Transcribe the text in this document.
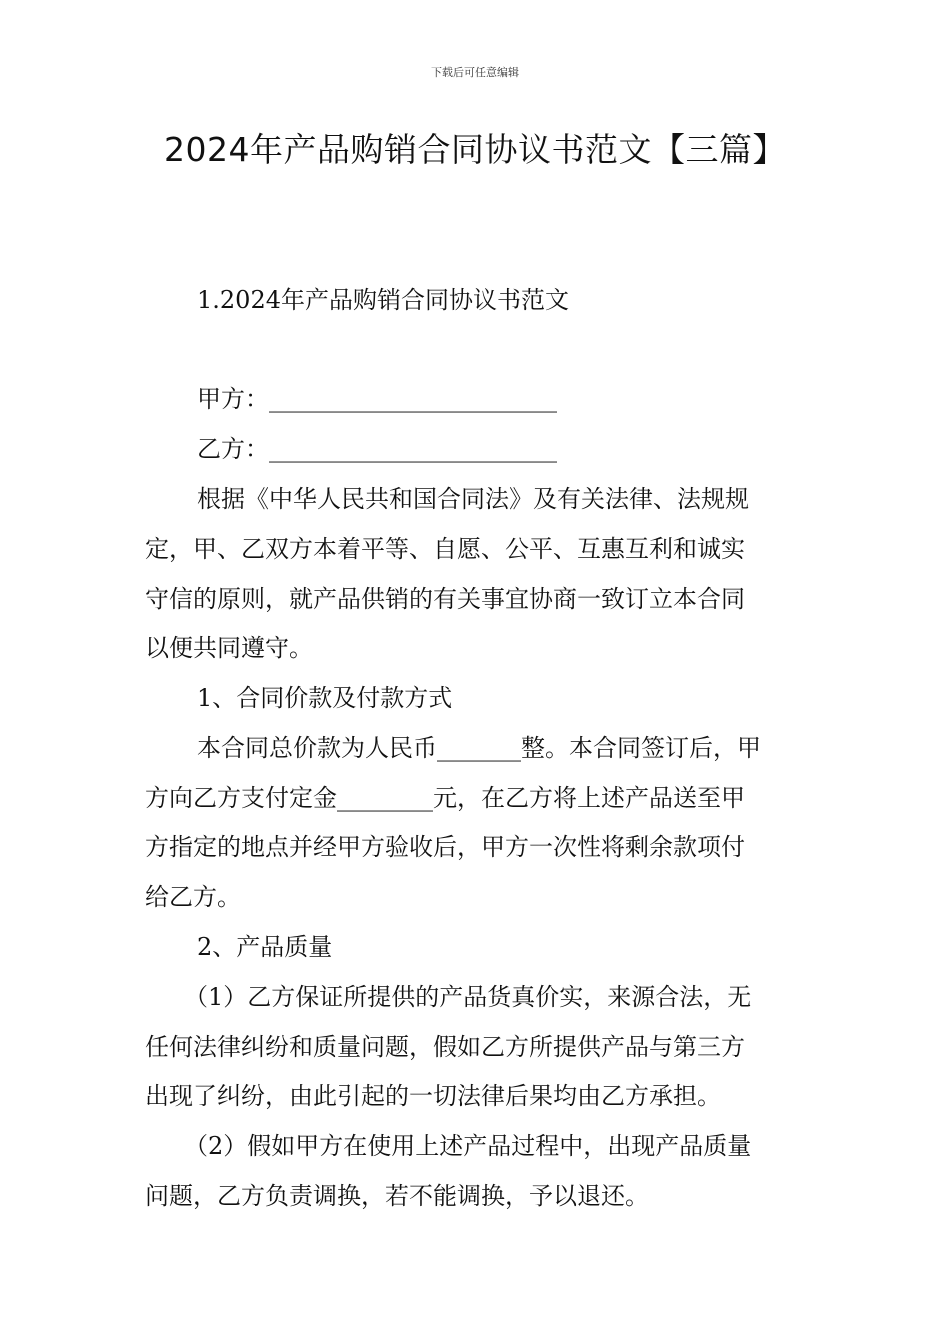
下载后可任意编辑
2024年产品购销合同协议书范文【三篇】

1.2024年产品购销合同协议书范文

甲方：________________________

乙方：________________________

根据《中华人民共和国合同法》及有关法律、法规规

定，甲、乙双方本着平等、自愿、公平、互惠互利和诚实

守信的原则，就产品供销的有关事宜协商一致订立本合同

以便共同遵守。

1、合同价款及付款方式

本合同总价款为人民币_______整。本合同签订后，甲

方向乙方支付定金________元，在乙方将上述产品送至甲

方指定的地点并经甲方验收后，甲方一次性将剩余款项付

给乙方。

2、产品质量

（1）乙方保证所提供的产品货真价实，来源合法，无

任何法律纠纷和质量问题，假如乙方所提供产品与第三方

出现了纠纷，由此引起的一切法律后果均由乙方承担。

（2）假如甲方在使用上述产品过程中，出现产品质量

问题，乙方负责调换，若不能调换，予以退还。
